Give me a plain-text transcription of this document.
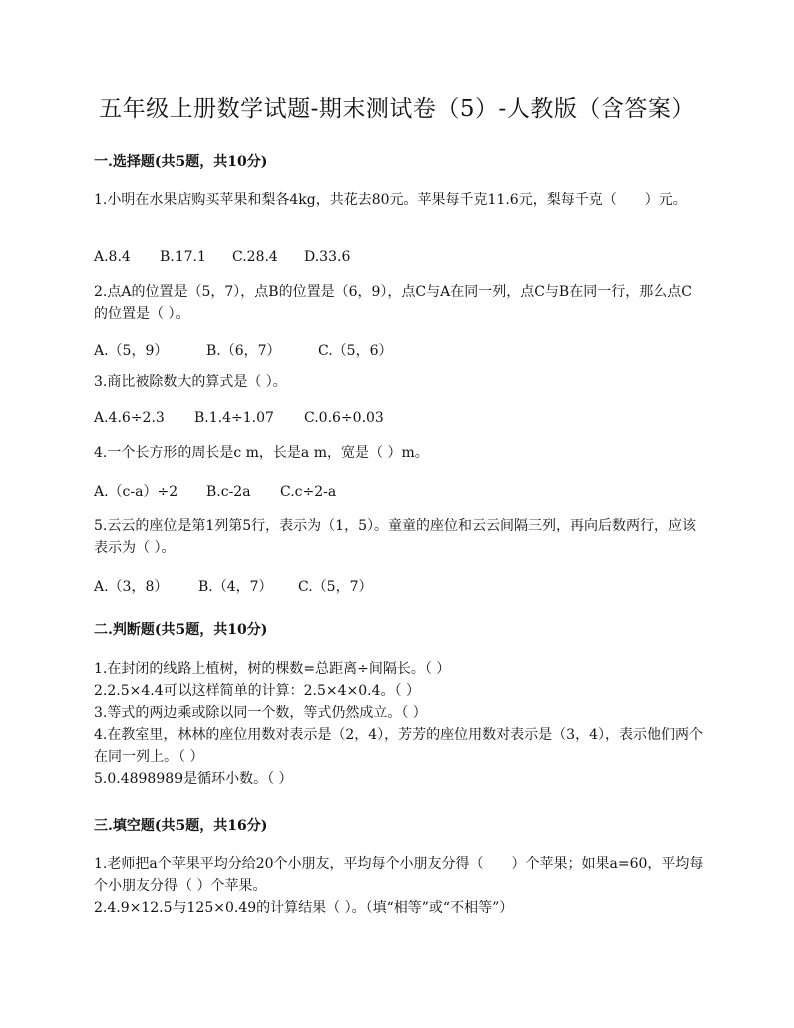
五年级上册数学试题-期末测试卷（5）-人教版（含答案）
一.选择题(共5题，共10分)
1.小明在水果店购买苹果和梨各4kg，共花去80元。苹果每千克11.6元，梨每千克（　　）元。
A.8.4 B.17.1 C.28.4 D.33.6
2.点A的位置是（5，7），点B的位置是（6，9），点C与A在同一列，点C与B在同一行，那么点C的位置是（ ）。
A.（5，9）	B.（6，7）	C.（5，6）
3.商比被除数大的算式是（ ）。
A.4.6÷2.3 B.1.4÷1.07 C.0.6÷0.03
4.一个长方形的周长是c m，长是a m，宽是（ ）m。
A.（c-a）÷2 B.c-2a C.c÷2-a
5.云云的座位是第1列第5行，表示为（1，5）。童童的座位和云云间隔三列，再向后数两行，应该表示为（ ）。
A.（3，8） B.（4，7） C.（5，7）
二.判断题(共5题，共10分)
1.在封闭的线路上植树，树的棵数=总距离÷间隔长。（ ）
2.2.5×4.4可以这样简单的计算：2.5×4×0.4。（ ）
3.等式的两边乘或除以同一个数，等式仍然成立。（ ）
4.在教室里，林林的座位用数对表示是（2，4），芳芳的座位用数对表示是（3，4），表示他们两个在同一列上。（ ）
5.0.4898989是循环小数。（ ）
三.填空题(共5题，共16分)
1.老师把a个苹果平均分给20个小朋友，平均每个小朋友分得（　　）个苹果；如果a=60，平均每个小朋友分得（ ）个苹果。
2.4.9×12.5与125×0.49的计算结果（ ）。（填“相等”或“不相等”）
